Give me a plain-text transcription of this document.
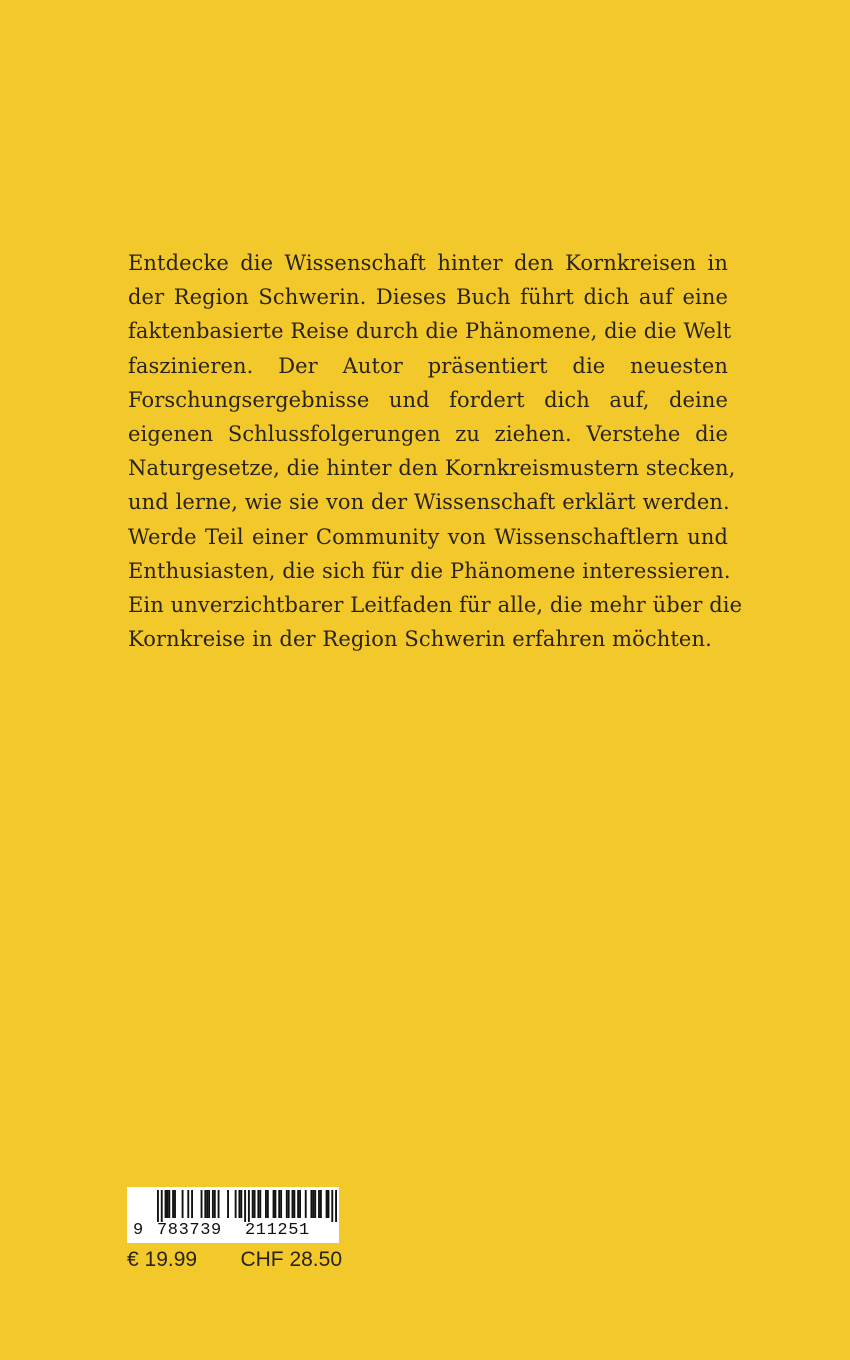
Entdecke die Wissenschaft hinter den Kornkreisen in
der Region Schwerin. Dieses Buch führt dich auf eine
faktenbasierte Reise durch die Phänomene, die die Welt
faszinieren. Der Autor präsentiert die neuesten
Forschungsergebnisse und fordert dich auf, deine
eigenen Schlussfolgerungen zu ziehen. Verstehe die
Naturgesetze, die hinter den Kornkreismustern stecken,
und lerne, wie sie von der Wissenschaft erklärt werden.
Werde Teil einer Community von Wissenschaftlern und
Enthusiasten, die sich für die Phänomene interessieren.
Ein unverzichtbarer Leitfaden für alle, die mehr über die
Kornkreise in der Region Schwerin erfahren möchten.

9 783739 211251
€ 19.99 CHF 28.50
